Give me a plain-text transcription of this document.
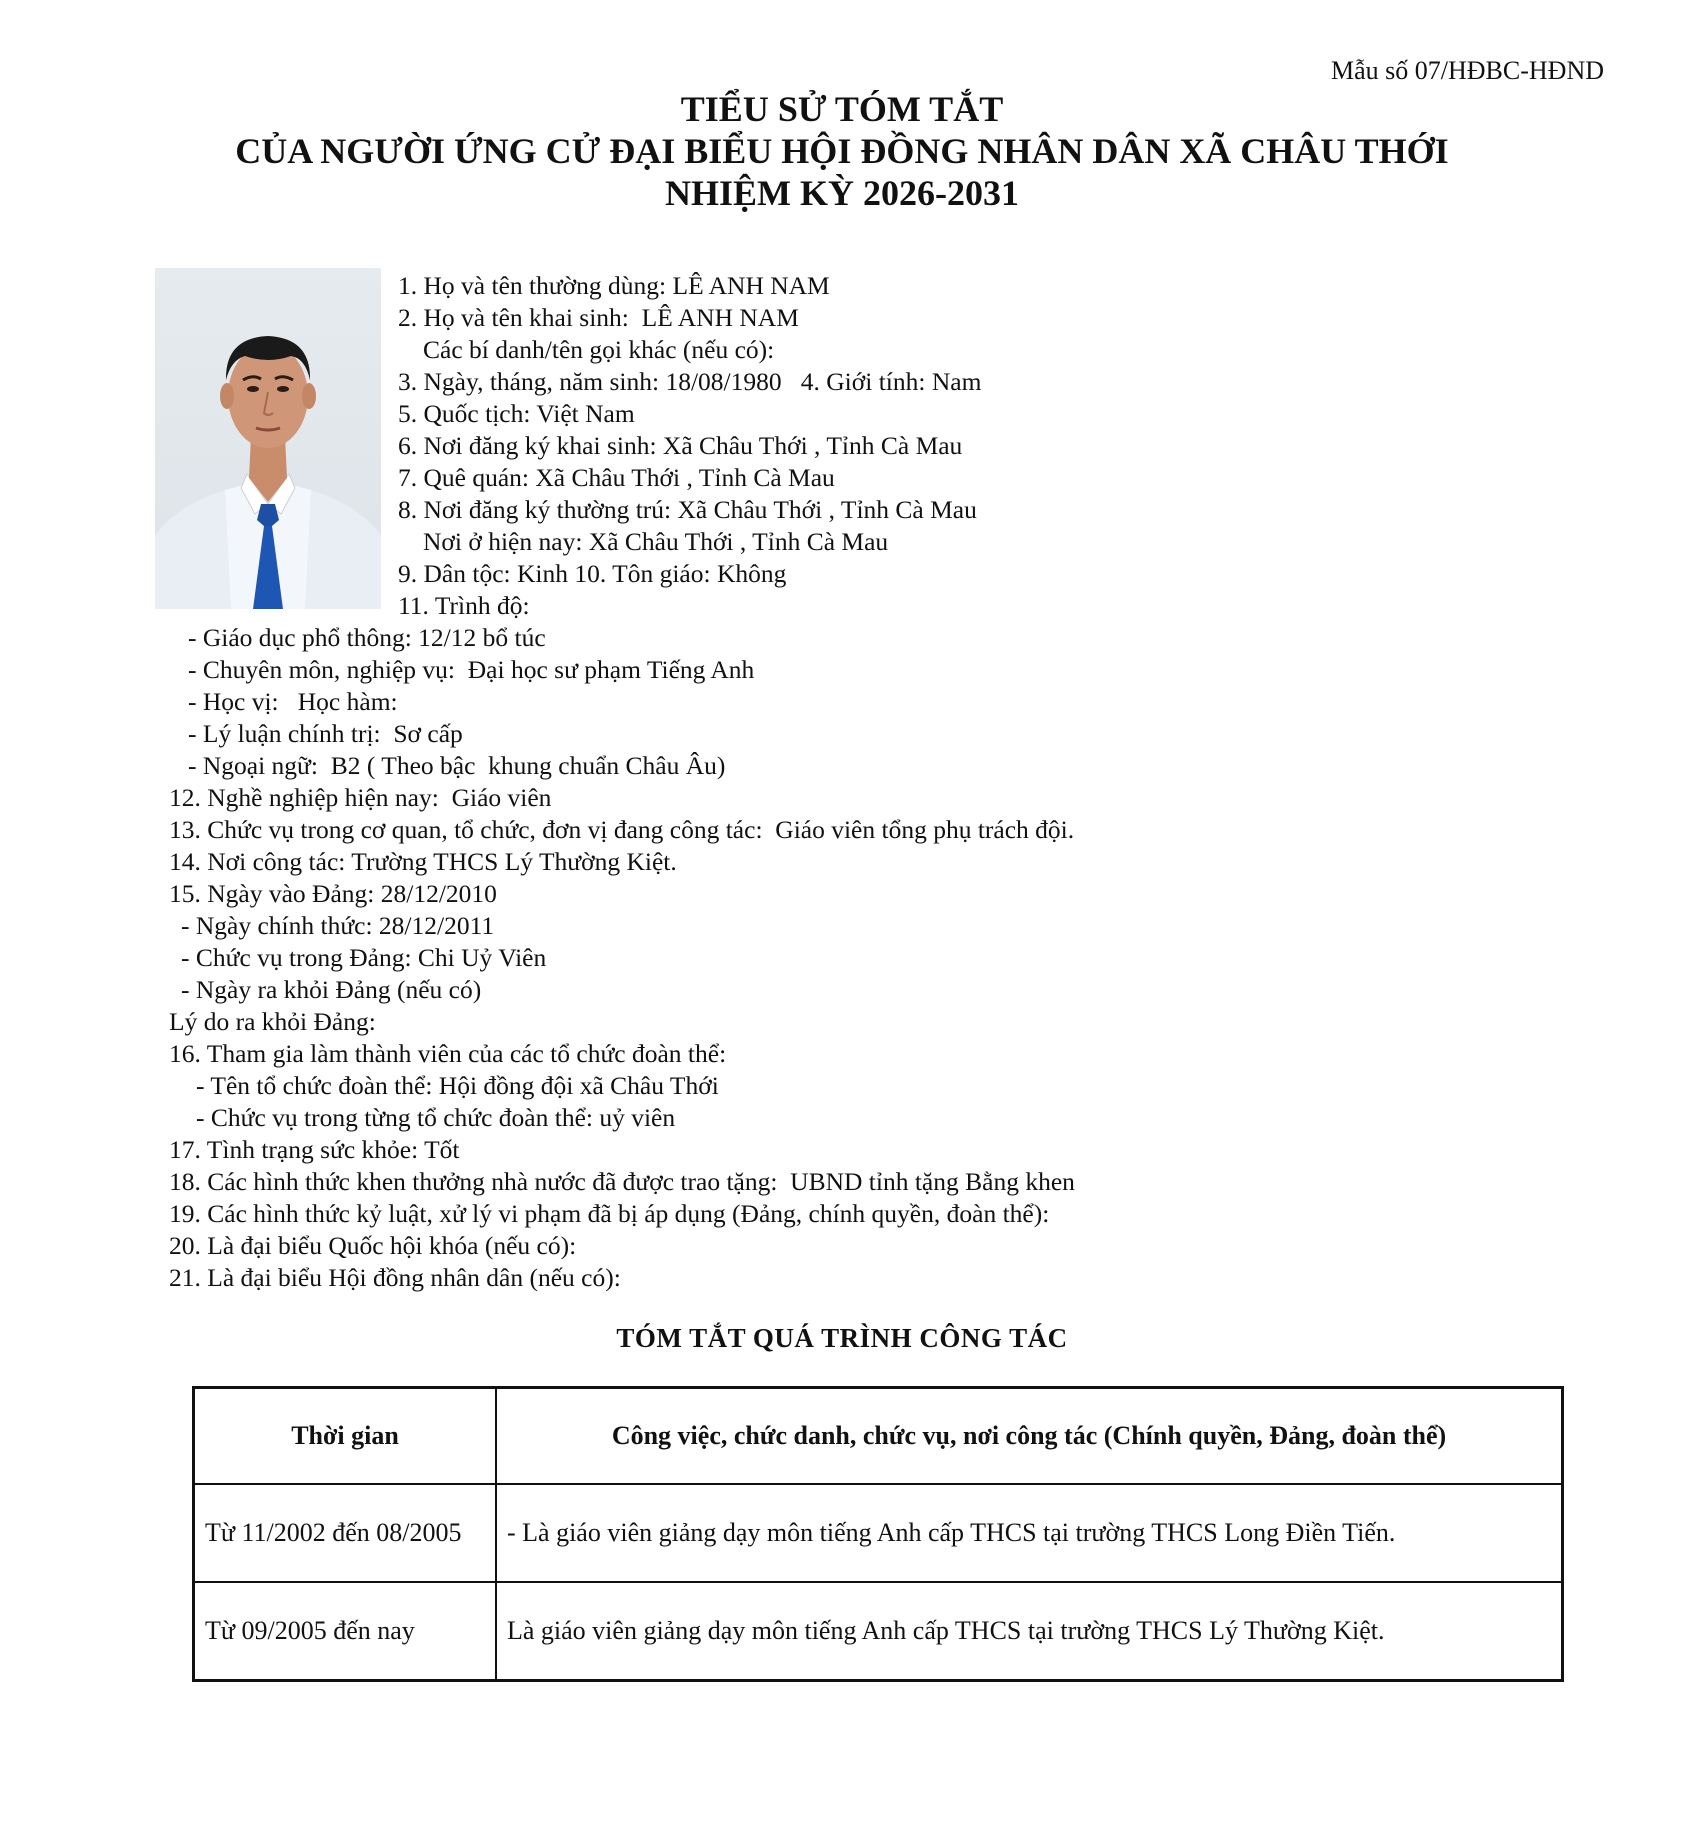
Mẫu số 07/HĐBC-HĐND
TIỂU SỬ TÓM TẮT
CỦA NGƯỜI ỨNG CỬ ĐẠI BIỂU HỘI ĐỒNG NHÂN DÂN XÃ CHÂU THỚI
NHIỆM KỲ 2026-2031
1. Họ và tên thường dùng: LÊ ANH NAM
2. Họ và tên khai sinh:  LÊ ANH NAM
Các bí danh/tên gọi khác (nếu có):
3. Ngày, tháng, năm sinh: 18/08/1980   4. Giới tính: Nam
5. Quốc tịch: Việt Nam
6. Nơi đăng ký khai sinh: Xã Châu Thới , Tỉnh Cà Mau
7. Quê quán: Xã Châu Thới , Tỉnh Cà Mau
8. Nơi đăng ký thường trú: Xã Châu Thới , Tỉnh Cà Mau
Nơi ở hiện nay: Xã Châu Thới , Tỉnh Cà Mau
9. Dân tộc: Kinh 10. Tôn giáo: Không
11. Trình độ:
- Giáo dục phổ thông: 12/12 bổ túc
- Chuyên môn, nghiệp vụ:  Đại học sư phạm Tiếng Anh
- Học vị:   Học hàm:
- Lý luận chính trị:  Sơ cấp
- Ngoại ngữ:  B2 ( Theo bậc  khung chuẩn Châu Âu)
12. Nghề nghiệp hiện nay:  Giáo viên
13. Chức vụ trong cơ quan, tổ chức, đơn vị đang công tác:  Giáo viên tổng phụ trách đội.
14. Nơi công tác: Trường THCS Lý Thường Kiệt.
15. Ngày vào Đảng: 28/12/2010
- Ngày chính thức: 28/12/2011
- Chức vụ trong Đảng: Chi Uỷ Viên
- Ngày ra khỏi Đảng (nếu có)
Lý do ra khỏi Đảng:
16. Tham gia làm thành viên của các tổ chức đoàn thể:
- Tên tổ chức đoàn thể: Hội đồng đội xã Châu Thới
- Chức vụ trong từng tổ chức đoàn thể: uỷ viên
17. Tình trạng sức khỏe: Tốt
18. Các hình thức khen thưởng nhà nước đã được trao tặng:  UBND tỉnh tặng Bằng khen
19. Các hình thức kỷ luật, xử lý vi phạm đã bị áp dụng (Đảng, chính quyền, đoàn thể):
20. Là đại biểu Quốc hội khóa (nếu có):
21. Là đại biểu Hội đồng nhân dân (nếu có):
TÓM TẮT QUÁ TRÌNH CÔNG TÁC
Thời gian	Công việc, chức danh, chức vụ, nơi công tác (Chính quyền, Đảng, đoàn thể)
Từ 11/2002 đến 08/2005	- Là giáo viên giảng dạy môn tiếng Anh cấp THCS tại trường THCS Long Điền Tiến.
Từ 09/2005 đến nay	Là giáo viên giảng dạy môn tiếng Anh cấp THCS tại trường THCS Lý Thường Kiệt.
